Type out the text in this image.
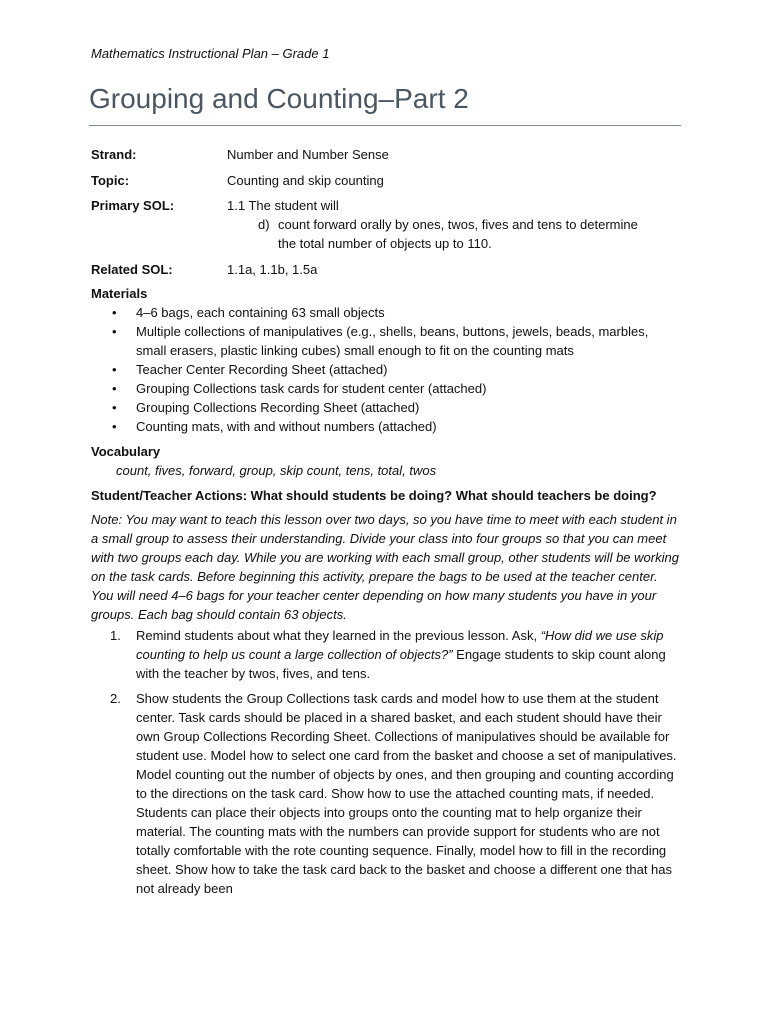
Mathematics Instructional Plan – Grade 1
Grouping and Counting–Part 2
Strand:	Number and Number Sense
Topic:	Counting and skip counting
Primary SOL:	1.1 The student will
d) count forward orally by ones, twos, fives and tens to determine
the total number of objects up to 110.
Related SOL:	1.1a, 1.1b, 1.5a
Materials
• 4–6 bags, each containing 63 small objects
• Multiple collections of manipulatives (e.g., shells, beans, buttons, jewels, beads, marbles, small erasers, plastic linking cubes) small enough to fit on the counting mats
• Teacher Center Recording Sheet (attached)
• Grouping Collections task cards for student center (attached)
• Grouping Collections Recording Sheet (attached)
• Counting mats, with and without numbers (attached)
Vocabulary
count, fives, forward, group, skip count, tens, total, twos
Student/Teacher Actions: What should students be doing? What should teachers be doing?
Note: You may want to teach this lesson over two days, so you have time to meet with each student in a small group to assess their understanding. Divide your class into four groups so that you can meet with two groups each day. While you are working with each small group, other students will be working on the task cards. Before beginning this activity, prepare the bags to be used at the teacher center. You will need 4–6 bags for your teacher center depending on how many students you have in your groups. Each bag should contain 63 objects.
1. Remind students about what they learned in the previous lesson. Ask, “How did we use skip counting to help us count a large collection of objects?” Engage students to skip count along with the teacher by twos, fives, and tens.
2. Show students the Group Collections task cards and model how to use them at the student center. Task cards should be placed in a shared basket, and each student should have their own Group Collections Recording Sheet. Collections of manipulatives should be available for student use. Model how to select one card from the basket and choose a set of manipulatives. Model counting out the number of objects by ones, and then grouping and counting according to the directions on the task card. Show how to use the attached counting mats, if needed. Students can place their objects into groups onto the counting mat to help organize their material. The counting mats with the numbers can provide support for students who are not totally comfortable with the rote counting sequence. Finally, model how to fill in the recording sheet. Show how to take the task card back to the basket and choose a different one that has not already been
